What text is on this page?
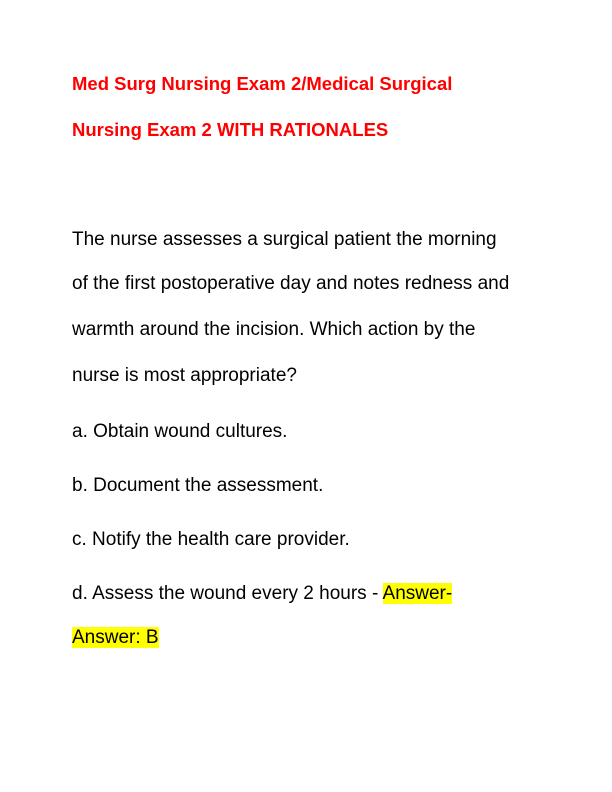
Med Surg Nursing Exam 2/Medical Surgical
Nursing Exam 2 WITH RATIONALES
The nurse assesses a surgical patient the morning
of the first postoperative day and notes redness and
warmth around the incision. Which action by the
nurse is most appropriate?
a. Obtain wound cultures.
b. Document the assessment.
c. Notify the health care provider.
d. Assess the wound every 2 hours - Answer-
Answer: B
